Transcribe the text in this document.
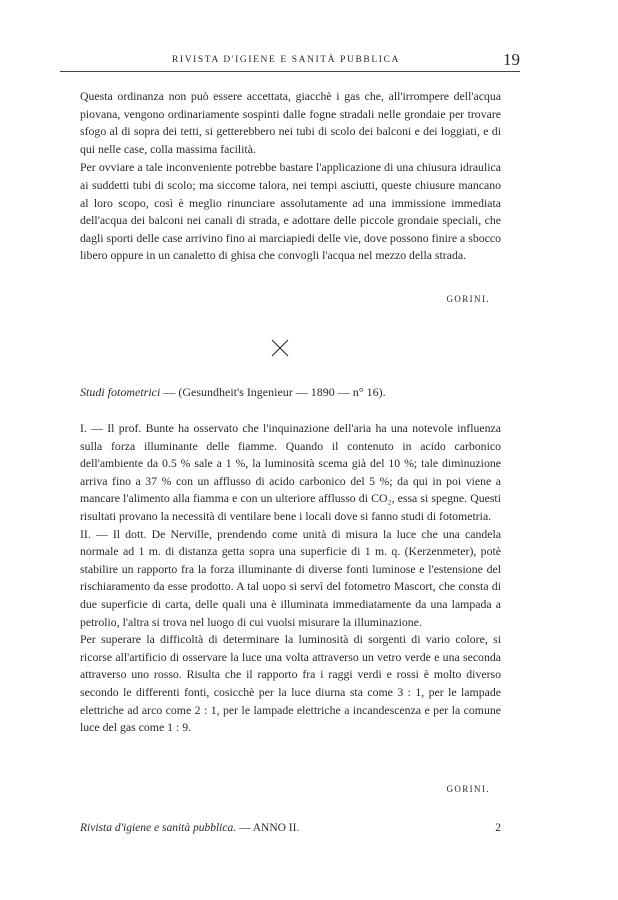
RIVISTA D'IGIENE E SANITÀ PUBBLICA	19

Questa ordinanza non può essere accettata, giacchè i gas che, all'irrompere dell'acqua piovana, vengono ordinariamente sospinti dalle fogne stradali nelle grondaie per trovare sfogo al di sopra dei tetti, si getterebbero nei tubi di scolo dei balconi e dei loggiati, e di qui nelle case, colla massima facilità.

Per ovviare a tale inconveniente potrebbe bastare l'applicazione di una chiusura idraulica ai suddetti tubi di scolo; ma siccome talora, nei tempi asciutti, queste chiusure mancano al loro scopo, così è meglio rinunciare assolutamente ad una immissione immediata dell'acqua dei balconi nei canali di strada, e adottare delle piccole grondaie speciali, che dagli sporti delle case arrivino fino ai marciapiedi delle vie, dove possono finire a sbocco libero oppure in un canaletto di ghisa che convogli l'acqua nel mezzo della strada.

GORINI.
Studi fotometrici — (Gesundheit's Ingenieur — 1890 — n° 16).

I. — Il prof. Bunte ha osservato che l'inquinazione dell'aria ha una notevole influenza sulla forza illuminante delle fiamme. Quando il contenuto in acido carbonico dell'ambiente da 0.5 % sale a 1 %, la luminosità scema già del 10 %; tale diminuzione arriva fino a 37 % con un afflusso di acido carbonico del 5 %; da qui in poi viene a mancare l'alimento alla fiamma e con un ulteriore afflusso di CO₂, essa si spegne. Questi risultati provano la necessità di ventilare bene i locali dove si fanno studi di fotometria.

II. — Il dott. De Nerville, prendendo come unità di misura la luce che una candela normale ad 1 m. di distanza getta sopra una superficie di 1 m. q. (Kerzenmeter), potè stabilire un rapporto fra la forza illuminante di diverse fonti luminose e l'estensione del rischiaramento da esse prodotto. A tal uopo si servì del fotometro Mascort, che consta di due superficie di carta, delle quali una è illuminata immediatamente da una lampada a petrolio, l'altra si trova nel luogo di cui vuolsi misurare la illuminazione.

Per superare la difficoltà di determinare la luminosità di sorgenti di vario colore, si ricorse all'artificio di osservare la luce una volta attraverso un vetro verde e una seconda attraverso uno rosso. Risulta che il rapporto fra i raggi verdi e rossi è molto diverso secondo le differenti fonti, cosicchè per la luce diurna sta come 3 : 1, per le lampade elettriche ad arco come 2 : 1, per le lampade elettriche a incandescenza e per la comune luce del gas come 1 : 9.

GORINI.
Rivista d'igiene e sanità pubblica. — ANNO II.	2
